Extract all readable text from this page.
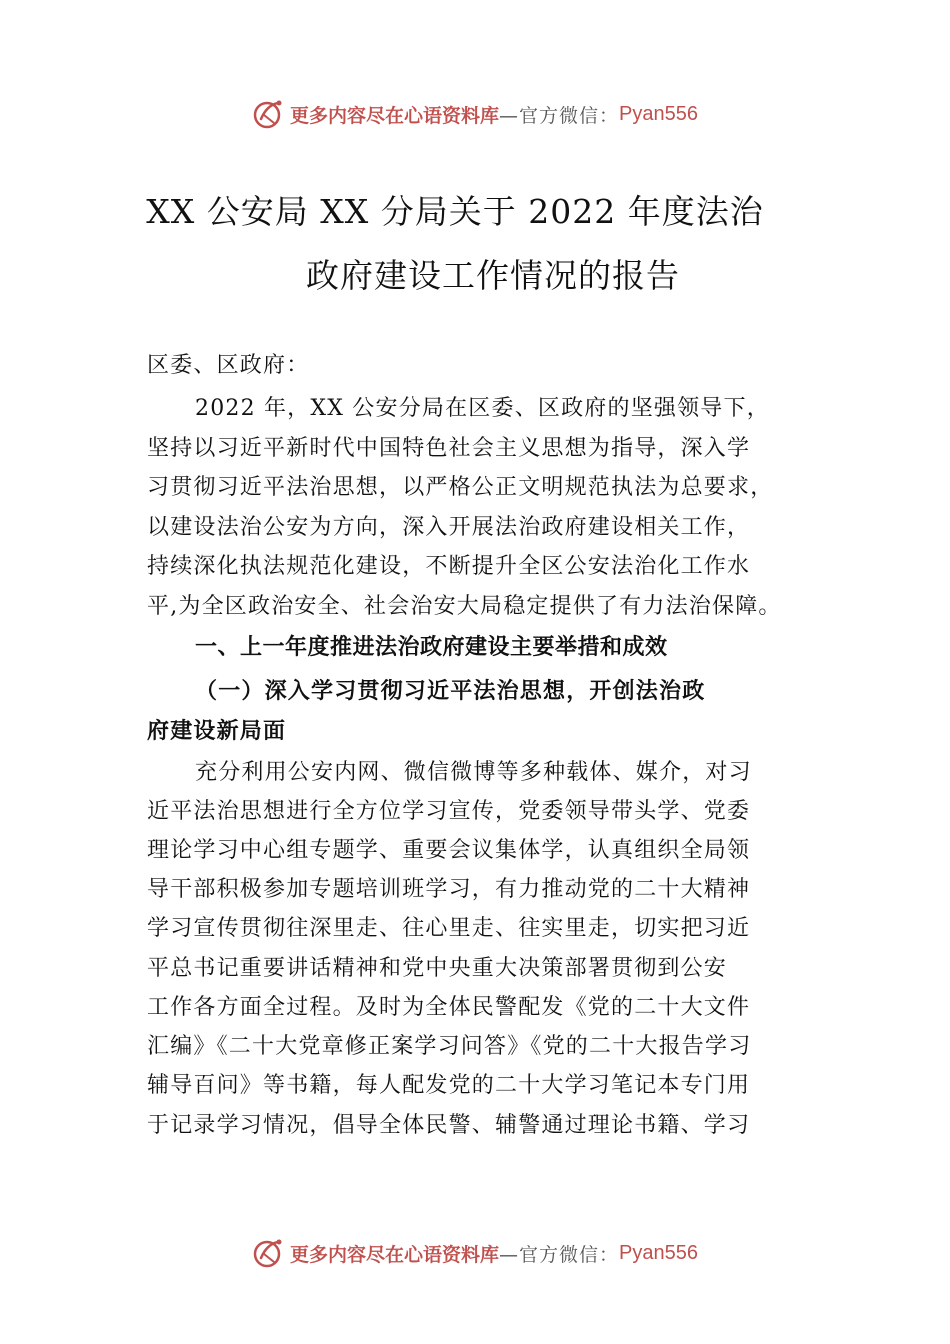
更多内容尽在心语资料库 —官方微信： Pyan556
XX 公安局 XX 分局关于 2022 年度法治
政府建设工作情况的报告
区委、区政府：
2022 年，XX 公安分局在区委、区政府的坚强领导下，
坚持以习近平新时代中国特色社会主义思想为指导，深入学
习贯彻习近平法治思想，以严格公正文明规范执法为总要求，
以建设法治公安为方向，深入开展法治政府建设相关工作，
持续深化执法规范化建设，不断提升全区公安法治化工作水
平,为全区政治安全、社会治安大局稳定提供了有力法治保障。
一、上一年度推进法治政府建设主要举措和成效
（一）深入学习贯彻习近平法治思想，开创法治政
府建设新局面
充分利用公安内网、微信微博等多种载体、媒介，对习
近平法治思想进行全方位学习宣传，党委领导带头学、党委
理论学习中心组专题学、重要会议集体学，认真组织全局领
导干部积极参加专题培训班学习，有力推动党的二十大精神
学习宣传贯彻往深里走、往心里走、往实里走，切实把习近
平总书记重要讲话精神和党中央重大决策部署贯彻到公安
工作各方面全过程。及时为全体民警配发《党的二十大文件
汇编》《二十大党章修正案学习问答》《党的二十大报告学习
辅导百问》等书籍，每人配发党的二十大学习笔记本专门用
于记录学习情况，倡导全体民警、辅警通过理论书籍、学习
更多内容尽在心语资料库 —官方微信： Pyan556
